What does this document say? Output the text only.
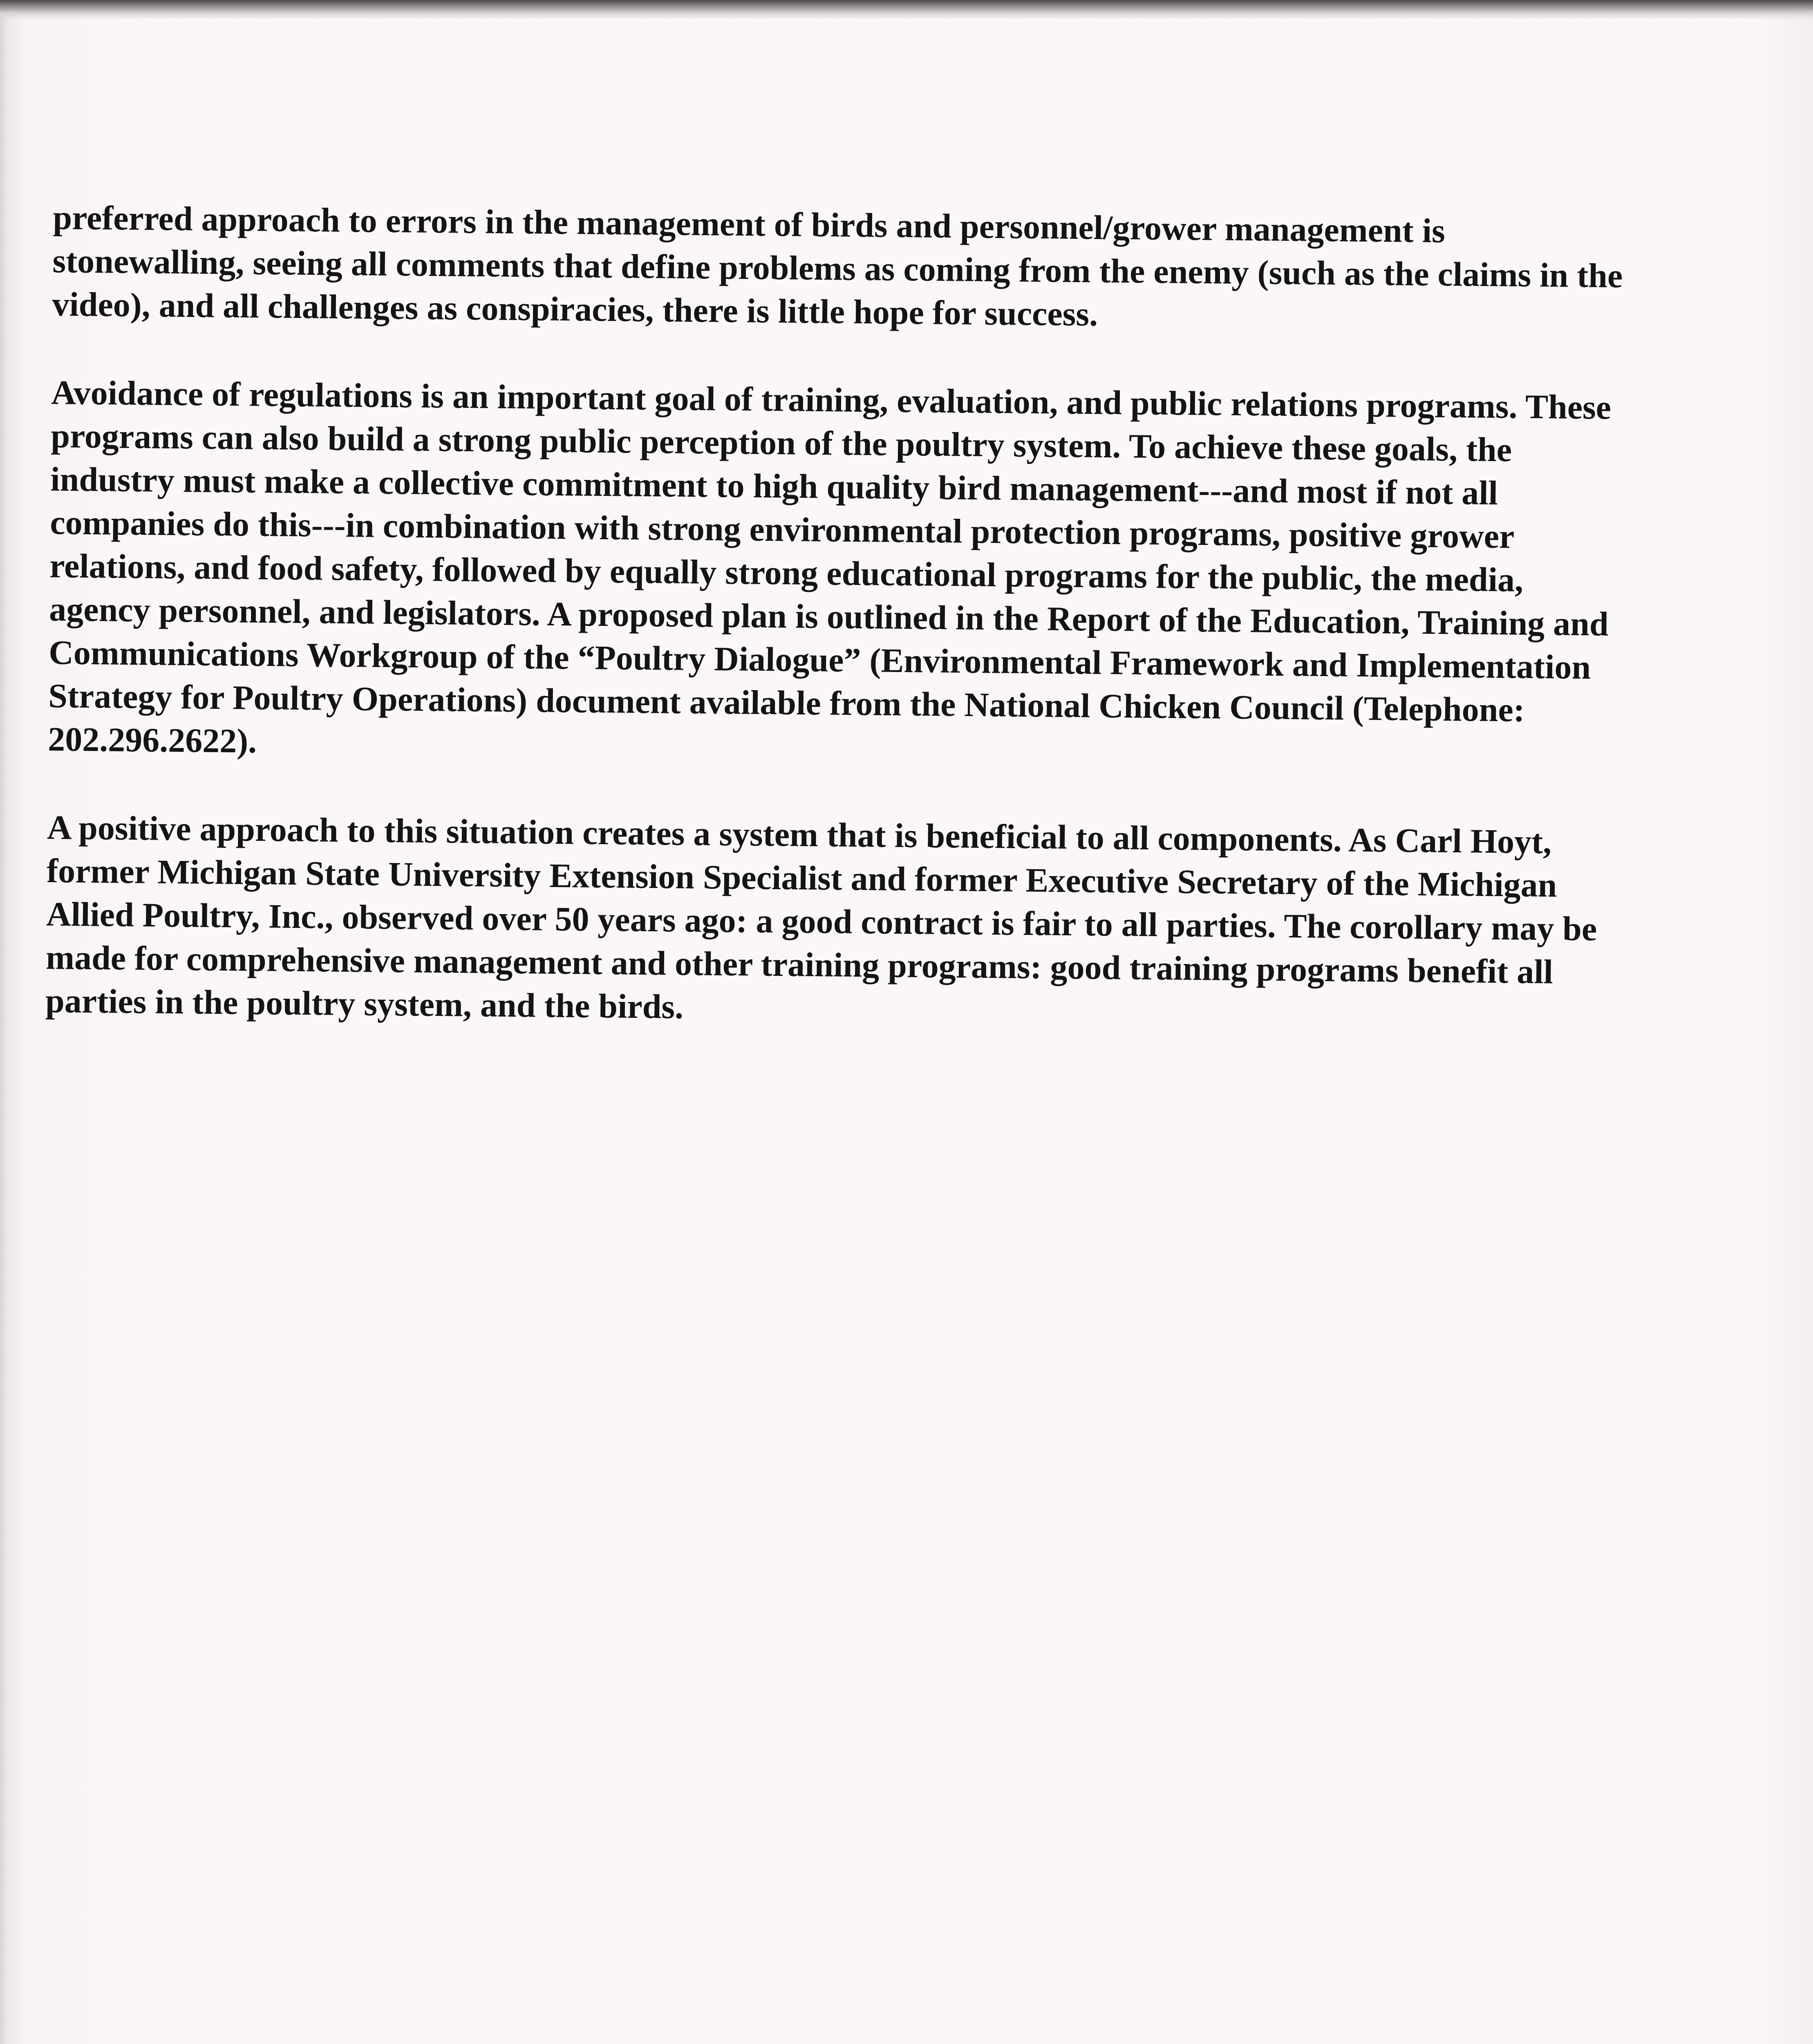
preferred approach to errors in the management of birds and personnel/grower management is stonewalling, seeing all comments that define problems as coming from the enemy (such as the claims in the video), and all challenges as conspiracies, there is little hope for success.

Avoidance of regulations is an important goal of training, evaluation, and public relations programs. These programs can also build a strong public perception of the poultry system. To achieve these goals, the industry must make a collective commitment to high quality bird management---and most if not all companies do this---in combination with strong environmental protection programs, positive grower relations, and food safety, followed by equally strong educational programs for the public, the media, agency personnel, and legislators. A proposed plan is outlined in the Report of the Education, Training and Communications Workgroup of the “Poultry Dialogue” (Environmental Framework and Implementation Strategy for Poultry Operations) document available from the National Chicken Council (Telephone: 202.296.2622).

A positive approach to this situation creates a system that is beneficial to all components. As Carl Hoyt, former Michigan State University Extension Specialist and former Executive Secretary of the Michigan Allied Poultry, Inc., observed over 50 years ago: a good contract is fair to all parties. The corollary may be made for comprehensive management and other training programs: good training programs benefit all parties in the poultry system, and the birds.
